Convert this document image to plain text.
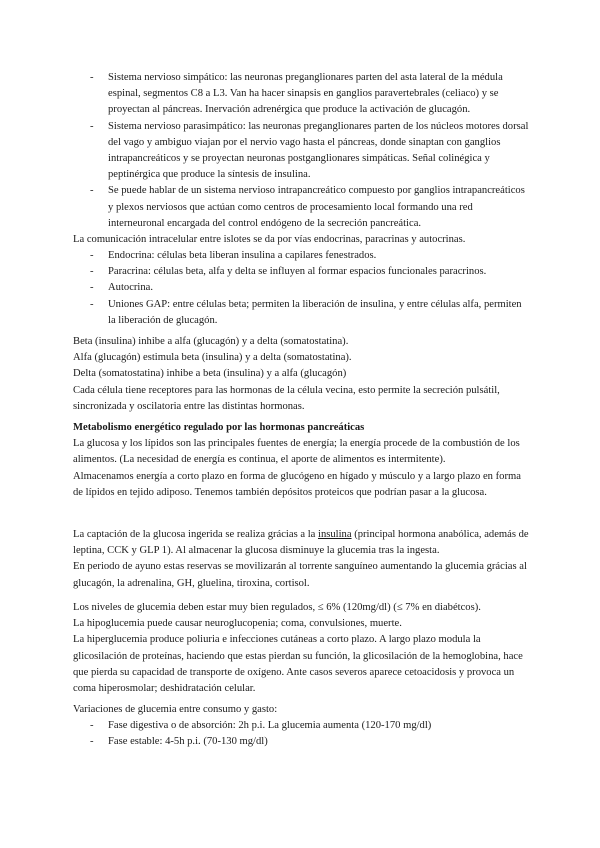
- Sistema nervioso simpático: las neuronas preganglionares parten del asta lateral de la médula espinal, segmentos C8 a L3. Van ha hacer sinapsis en ganglios paravertebrales (celiaco) y se proyectan al páncreas. Inervación adrenérgica que produce la activación de glucagón.
- Sistema nervioso parasimpático: las neuronas preganglionares parten de los núcleos motores dorsal del vago y ambiguo viajan por el nervio vago hasta el páncreas, donde sinaptan con ganglios intrapancreáticos y se proyectan neuronas postganglionares simpáticas. Señal colinégica y peptinérgica que produce la síntesis de insulina.
- Se puede hablar de un sistema nervioso intrapancreático compuesto por ganglios intrapancreáticos y plexos nerviosos que actúan como centros de procesamiento local formando una red interneuronal encargada del control endógeno de la secreción pancreática.

La comunicación intracelular entre islotes se da por vías endocrinas, paracrinas y autocrinas.

- Endocrina: células beta liberan insulina a capilares fenestrados.
- Paracrina: células beta, alfa y delta se influyen al formar espacios funcionales paracrinos.
- Autocrina.
- Uniones GAP: entre células beta; permiten la liberación de insulina, y entre células alfa, permiten la liberación de glucagón.
Beta (insulina) inhibe a alfa (glucagón) y a delta (somatostatina).
Alfa (glucagón) estimula beta (insulina) y a delta (somatostatina).
Delta (somatostatina) inhibe a beta (insulina) y a alfa (glucagón)
Cada célula tiene receptores para las hormonas de la célula vecina, esto permite la secreción pulsátil, sincronizada y oscilatoria entre las distintas hormonas.
Metabolismo energético regulado por las hormonas pancreáticas
La glucosa y los lípidos son las principales fuentes de energía; la energía procede de la combustión de los alimentos. (La necesidad de energía es continua, el aporte de alimentos es intermitente).
Almacenamos energía a corto plazo en forma de glucógeno en hígado y músculo y a largo plazo en forma de lípidos en tejido adiposo. Tenemos también depósitos proteicos que podrían pasar a la glucosa.
La captación de la glucosa ingerida se realiza grácias a la insulina (principal hormona anabólica, además de leptina, CCK y GLP 1). Al almacenar la glucosa disminuye la glucemia tras la ingesta.
En periodo de ayuno estas reservas se movilizarán al torrente sanguíneo aumentando la glucemia grácias al glucagón, la adrenalina, GH, gluelina, tiroxina, cortisol.
Los niveles de glucemia deben estar muy bien regulados, ≤ 6% (120mg/dl) (≤ 7% en diabétcos).
La hipoglucemia puede causar neuroglucopenia; coma, convulsiones, muerte.
La hiperglucemia produce poliuria e infecciones cutáneas a corto plazo. A largo plazo modula la glicosilación de proteínas, haciendo que estas pierdan su función, la glicosilación de la hemoglobina, hace que pierda su capacidad de transporte de oxígeno. Ante casos severos aparece cetoacidosis y provoca un coma hiperosmolar; deshidratación celular.

Variaciones de glucemia entre consumo y gasto:

- Fase digestiva o de absorción: 2h p.i. La glucemia aumenta (120-170 mg/dl)
- Fase estable: 4-5h p.i. (70-130 mg/dl)
